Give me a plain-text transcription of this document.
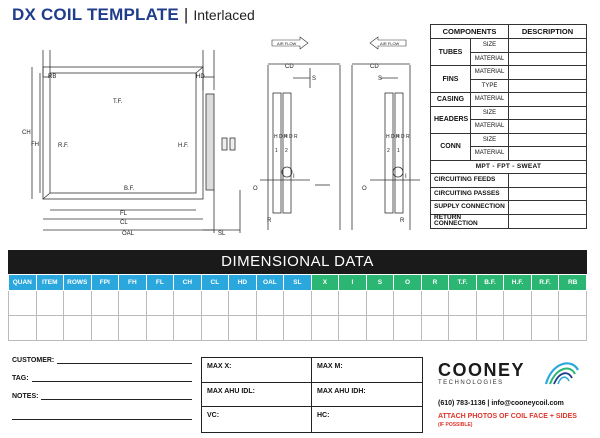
DX COIL TEMPLATE | Interlaced
AIR FLOW	AIR FLOW
RB	HD
T.F.
CH
FH	R.F.	H.F.
B.F.
FL
CL
OAL	SL
CD
S
H D R
H D R
1 2
O
I
R
CD
S
H D R
H D R
2 1
O
I
R
COMPONENTS		DESCRIPTION
TUBES	SIZE	
	MATERIAL	
FINS	MATERIAL	
	TYPE	
CASING	MATERIAL	
HEADERS	SIZE	
	MATERIAL	
CONN	SIZE	
	MATERIAL	
MPT - FPT - SWEAT		
CIRCUITING FEEDS		
CIRCUITING PASSES		
SUPPLY CONNECTION		
RETURN CONNECTION		
DIMENSIONAL DATA
QUAN	ITEM	ROWS	FPI	FH	FL	CH	CL	HD	OAL	SL	X	I	S	O	R	T.F.	B.F.	H.F.	R.F.	RB

CUSTOMER:
TAG:
NOTES:
MAX X:	MAX M:
MAX AHU IDL:	MAX AHU IDH:
VC:	HC:
COONEY
TECHNOLOGIES
(610) 783-1136 | info@cooneycoil.com
ATTACH PHOTOS OF COIL FACE + SIDES
(IF POSSIBLE)
